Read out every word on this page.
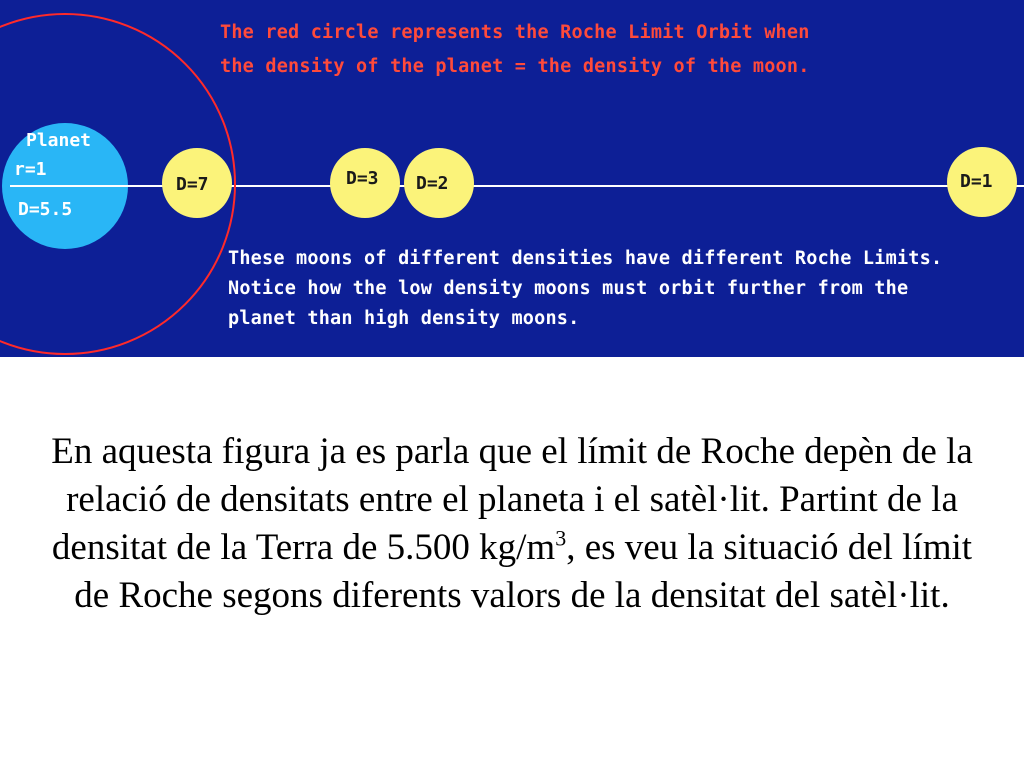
Planet
r=1
D=5.5
D=7	D=3 D=2	D=1
The red circle represents the Roche Limit Orbit when
the density of the planet = the density of the moon.
These moons of different densities have different Roche Limits.
Notice how the low density moons must orbit further from the
planet than high density moons.
En aquesta figura ja es parla que el límit de Roche depèn de la relació de densitats entre el planeta i el satèl·lit. Partint de la densitat de la Terra de 5.500 $kg/m^3$, es veu la situació del límit de Roche segons diferents valors de la densitat del satèl·lit.
